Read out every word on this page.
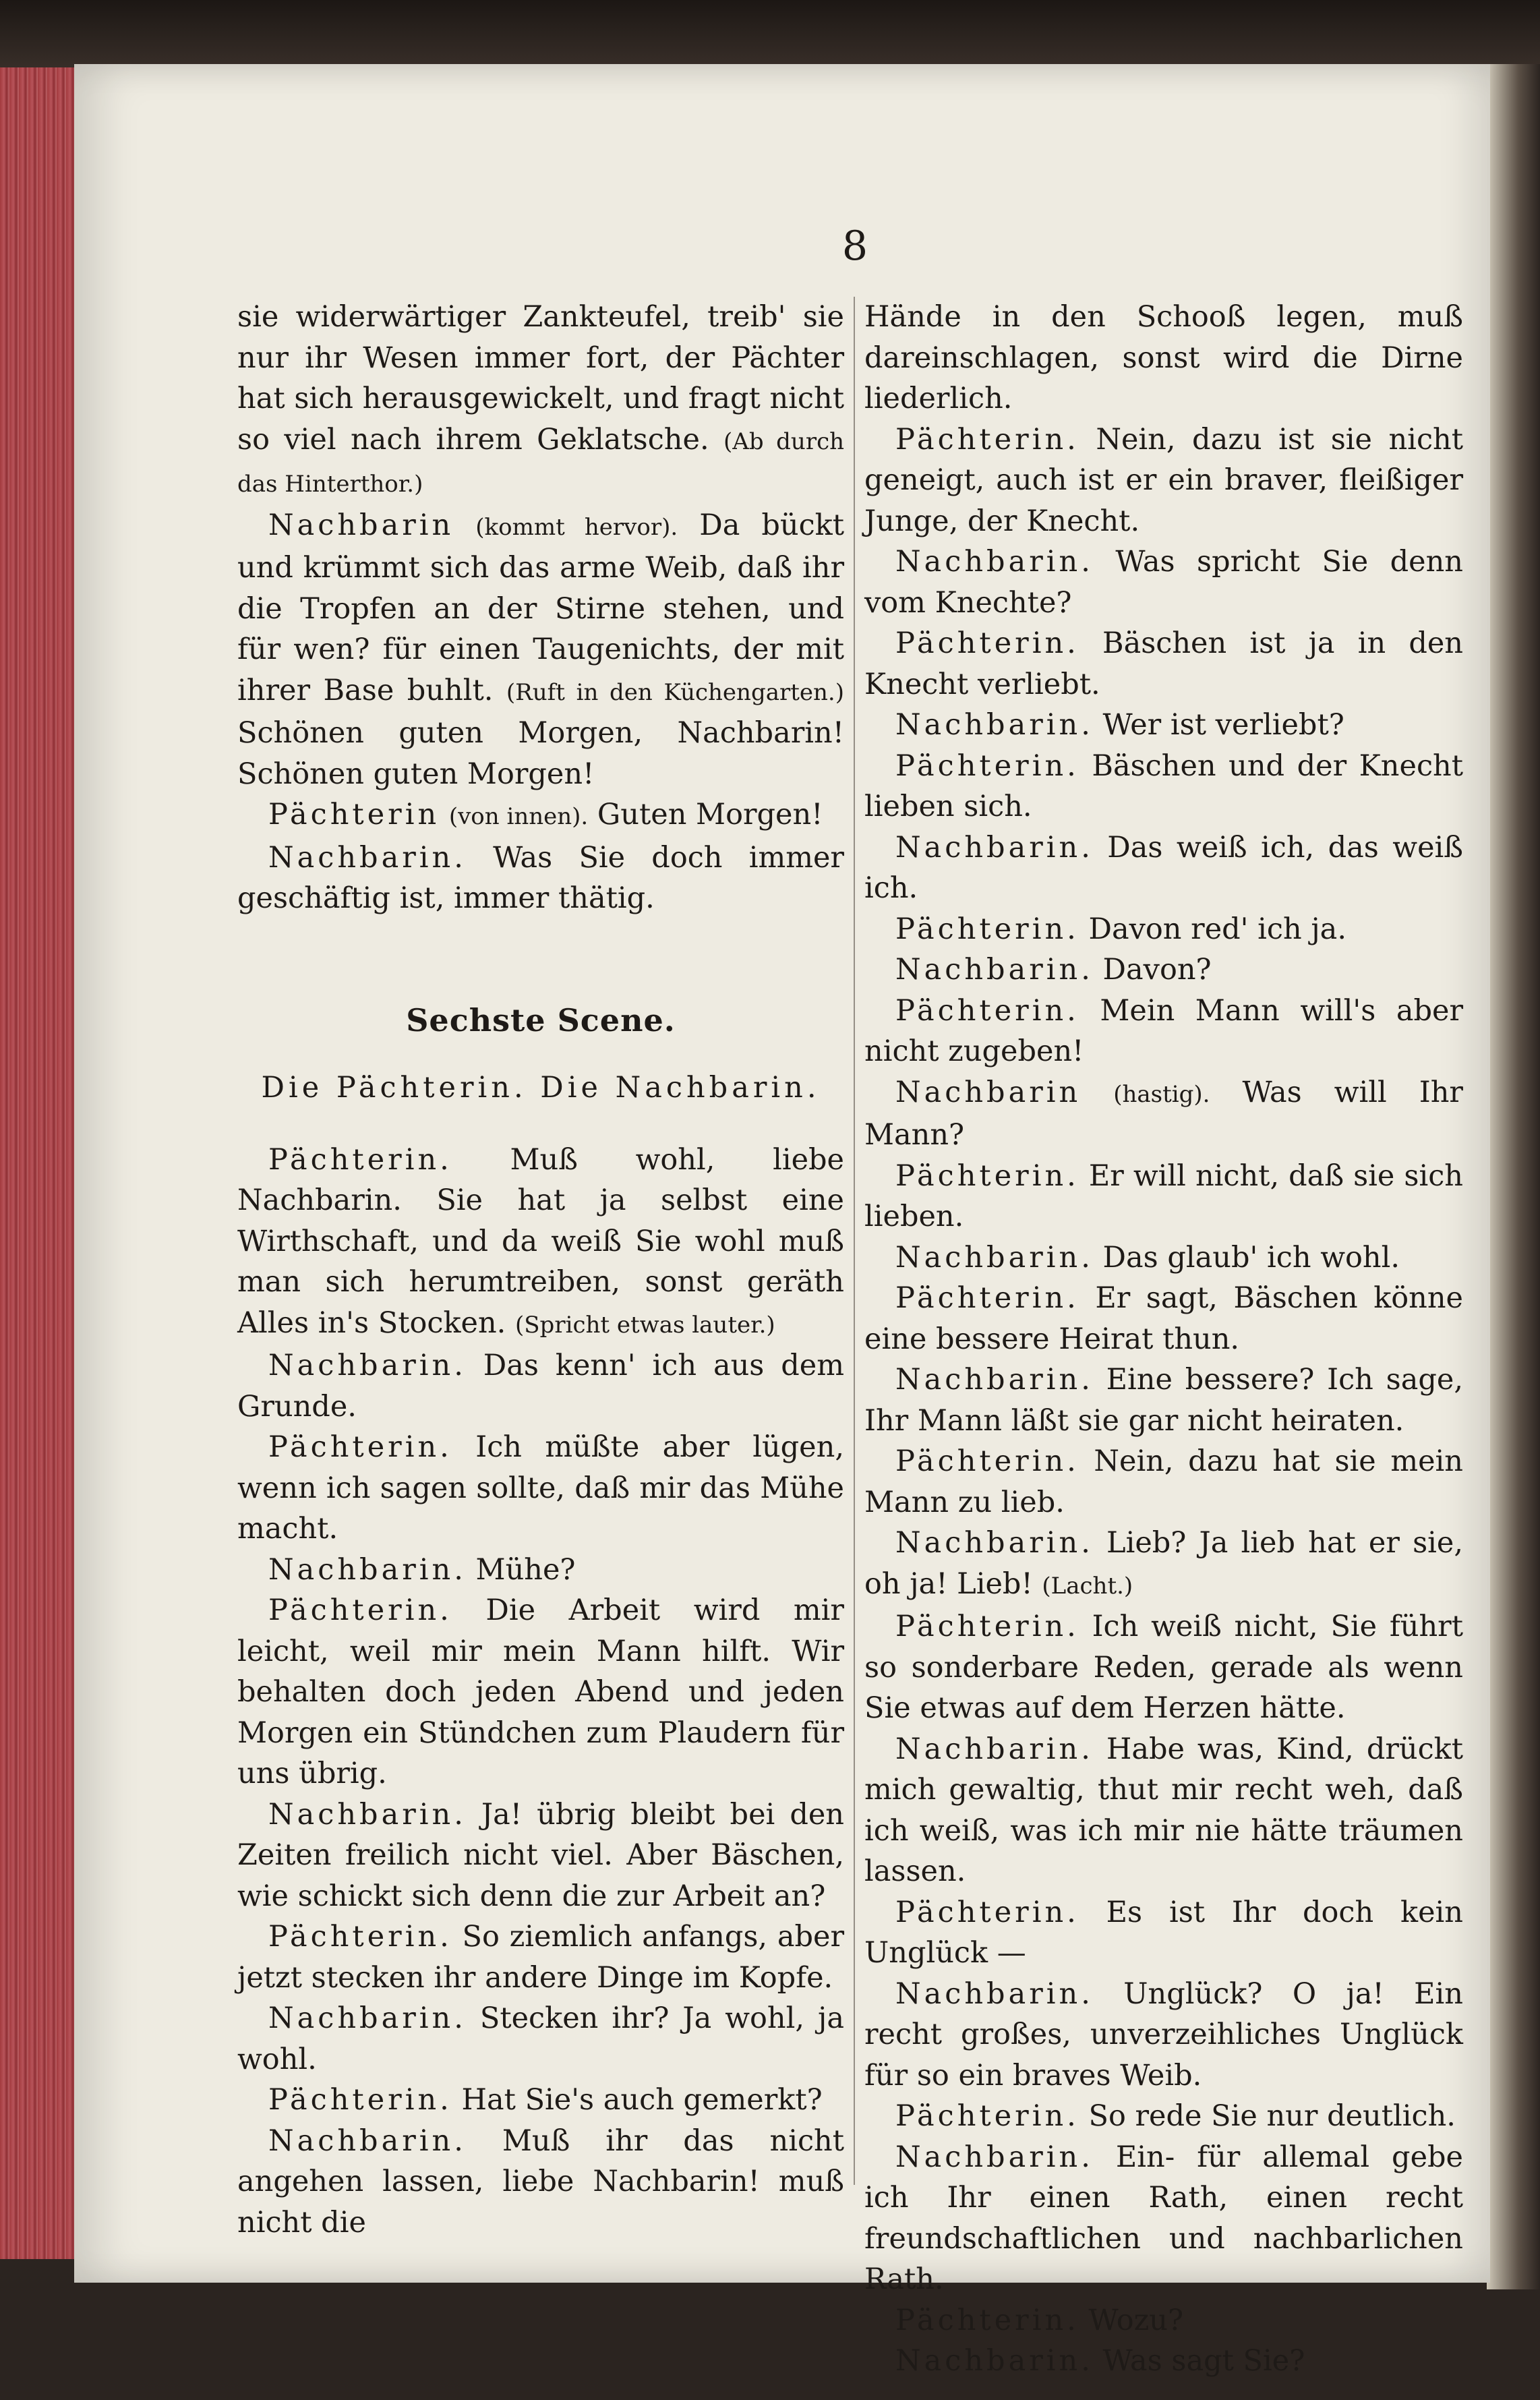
8

sie widerwärtiger Zankteufel, treib' sie nur ihr Wesen immer fort, der Pächter hat sich herausgewickelt, und fragt nicht so viel nach ihrem Geklatsche. (Ab durch das Hinterthor.)

Nachbarin (kommt hervor). Da bückt und krümmt sich das arme Weib, daß ihr die Tropfen an der Stirne stehen, und für wen? für einen Taugenichts, der mit ihrer Base buhlt. (Ruft in den Küchengarten.) Schönen guten Morgen, Nachbarin! Schönen guten Morgen!

Pächterin (von innen). Guten Morgen!

Nachbarin. Was Sie doch immer geschäftig ist, immer thätig.

Sechste Scene.
Die Pächterin. Die Nachbarin.

Pächterin. Muß wohl, liebe Nachbarin. Sie hat ja selbst eine Wirthschaft, und da weiß Sie wohl muß man sich herumtreiben, sonst geräth Alles in's Stocken. (Spricht etwas lauter.)

Nachbarin. Das kenn' ich aus dem Grunde.

Pächterin. Ich müßte aber lügen, wenn ich sagen sollte, daß mir das Mühe macht.

Nachbarin. Mühe?

Pächterin. Die Arbeit wird mir leicht, weil mir mein Mann hilft. Wir behalten doch jeden Abend und jeden Morgen ein Stündchen zum Plaudern für uns übrig.

Nachbarin. Ja! übrig bleibt bei den Zeiten freilich nicht viel. Aber Bäschen, wie schickt sich denn die zur Arbeit an?

Pächterin. So ziemlich anfangs, aber jetzt stecken ihr andere Dinge im Kopfe.

Nachbarin. Stecken ihr? Ja wohl, ja wohl.

Pächterin. Hat Sie's auch gemerkt?

Nachbarin. Muß ihr das nicht angehen lassen, liebe Nachbarin! muß nicht die

Hände in den Schooß legen, muß dareinschlagen, sonst wird die Dirne liederlich.

Pächterin. Nein, dazu ist sie nicht geneigt, auch ist er ein braver, fleißiger Junge, der Knecht.

Nachbarin. Was spricht Sie denn vom Knechte?

Pächterin. Bäschen ist ja in den Knecht verliebt.

Nachbarin. Wer ist verliebt?

Pächterin. Bäschen und der Knecht lieben sich.

Nachbarin. Das weiß ich, das weiß ich.

Pächterin. Davon red' ich ja.

Nachbarin. Davon?

Pächterin. Mein Mann will's aber nicht zugeben!

Nachbarin (hastig). Was will Ihr Mann?

Pächterin. Er will nicht, daß sie sich lieben.

Nachbarin. Das glaub' ich wohl.

Pächterin. Er sagt, Bäschen könne eine bessere Heirat thun.

Nachbarin. Eine bessere? Ich sage, Ihr Mann läßt sie gar nicht heiraten.

Pächterin. Nein, dazu hat sie mein Mann zu lieb.

Nachbarin. Lieb? Ja lieb hat er sie, oh ja! Lieb! (Lacht.)

Pächterin. Ich weiß nicht, Sie führt so sonderbare Reden, gerade als wenn Sie etwas auf dem Herzen hätte.

Nachbarin. Habe was, Kind, drückt mich gewaltig, thut mir recht weh, daß ich weiß, was ich mir nie hätte träumen lassen.

Pächterin. Es ist Ihr doch kein Unglück —

Nachbarin. Unglück? O ja! Ein recht großes, unverzeihliches Unglück für so ein braves Weib.

Pächterin. So rede Sie nur deutlich.

Nachbarin. Ein- für allemal gebe ich Ihr einen Rath, einen recht freundschaftlichen und nachbarlichen Rath.

Pächterin. Wozu?

Nachbarin. Was sagt Sie?
